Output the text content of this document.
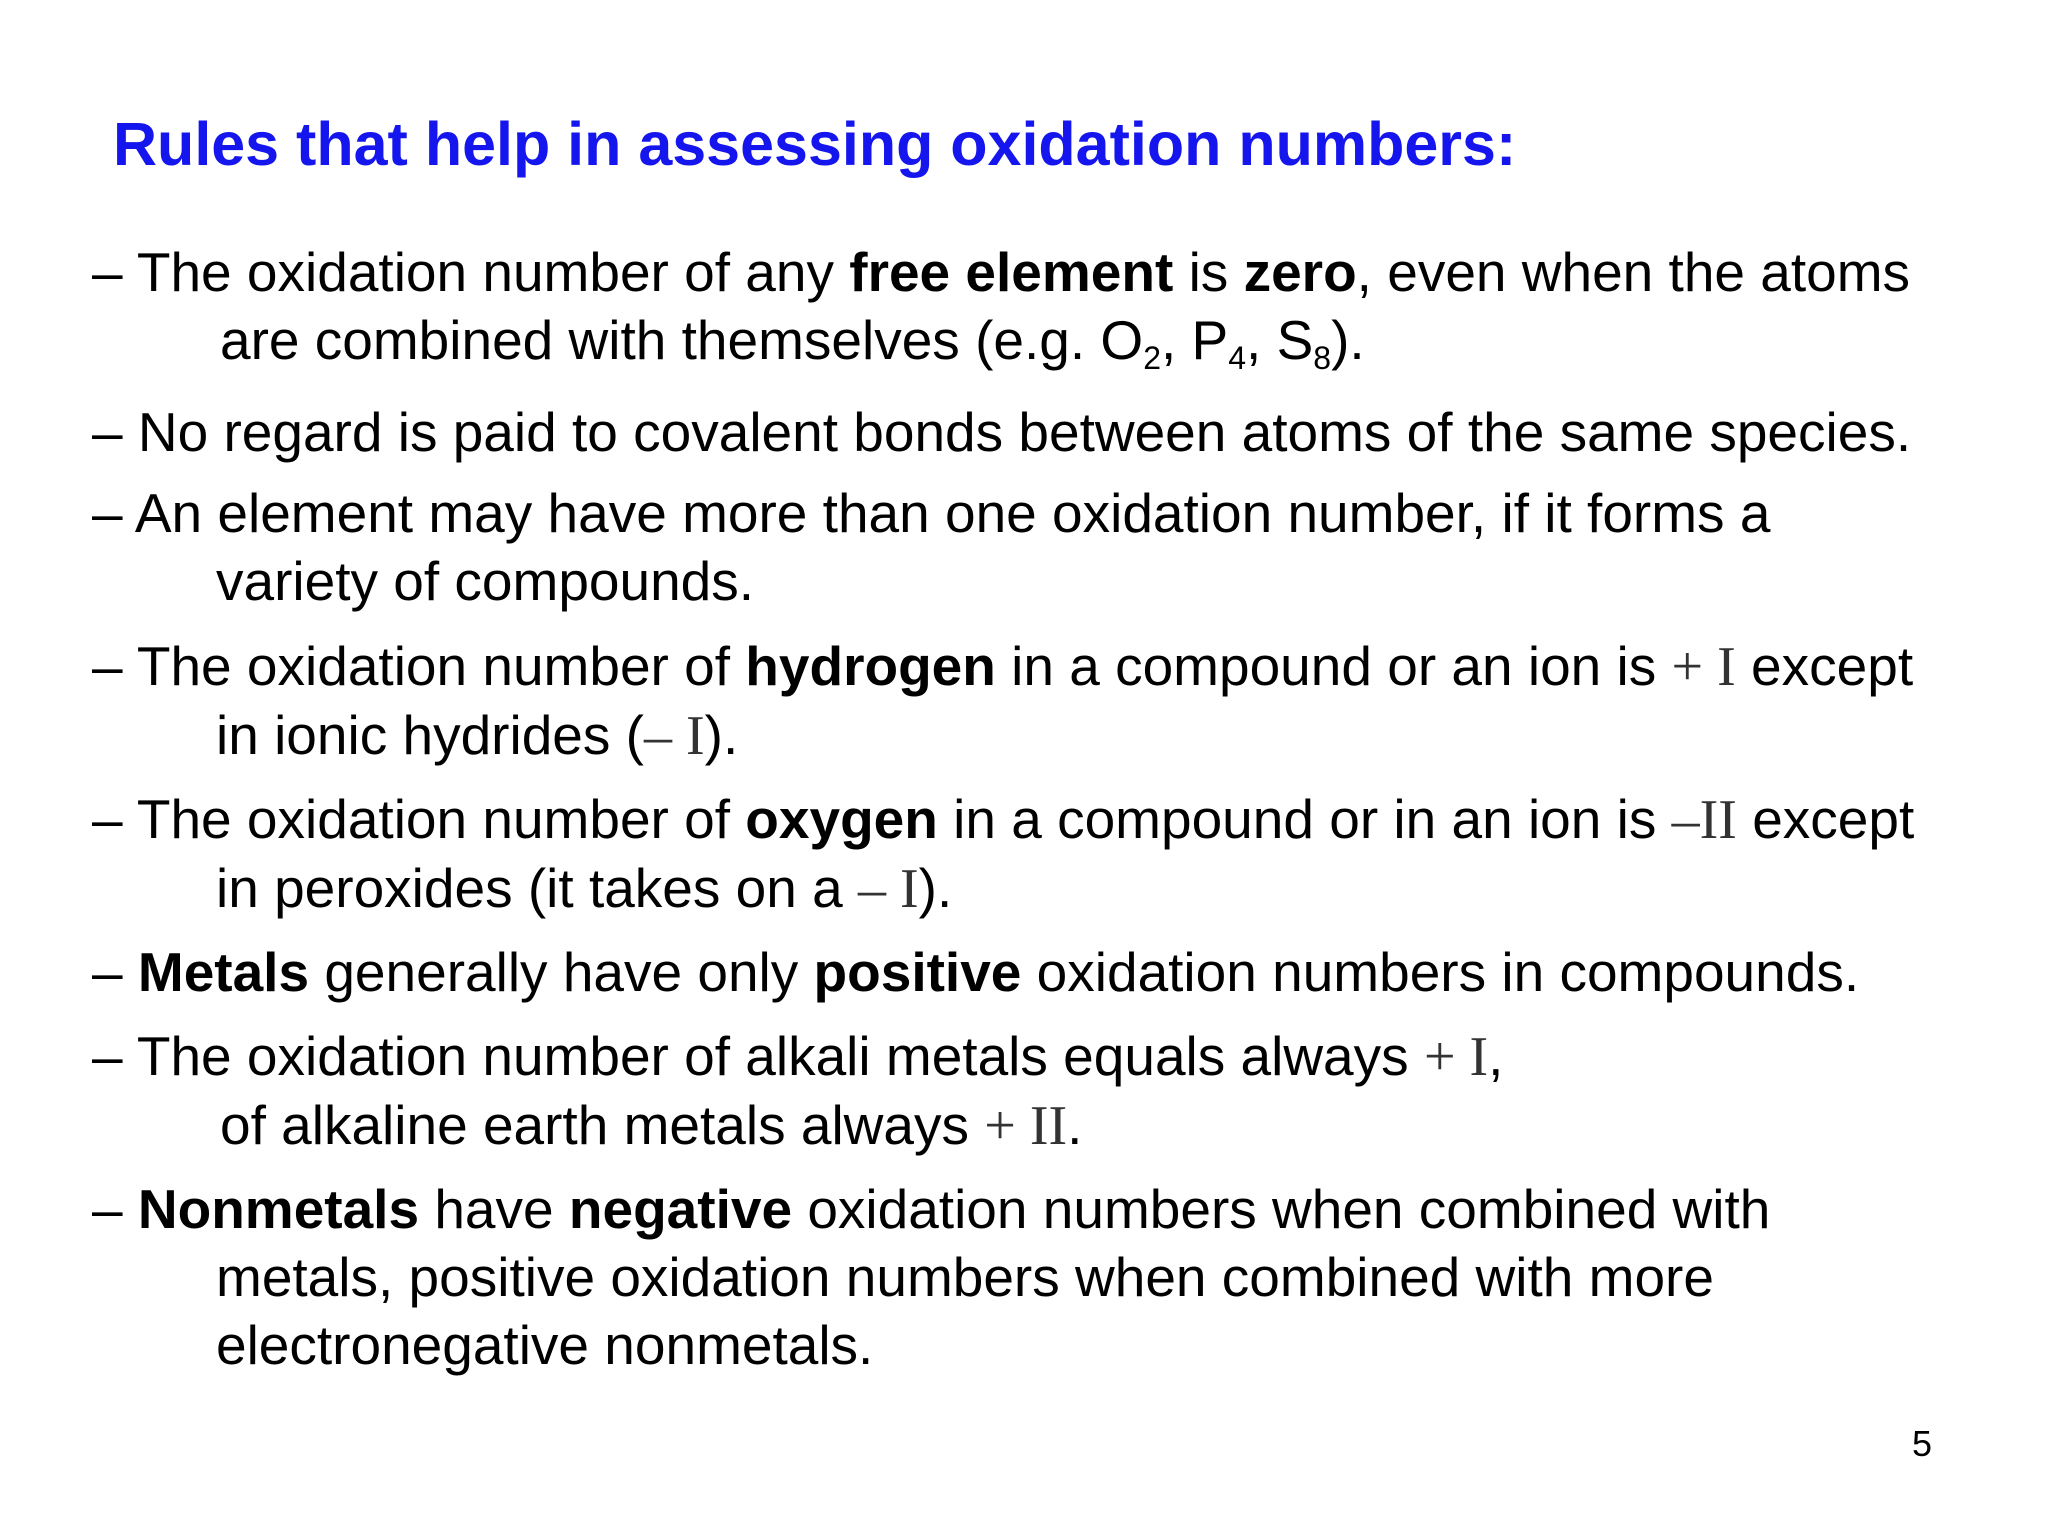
Rules that help in assessing oxidation numbers:

– The oxidation number of any free element is zero, even when the atoms
are combined with themselves (e.g. $O_2$, $P_4$, $S_8$).

– No regard is paid to covalent bonds between atoms of the same species.

– An element may have more than one oxidation number, if it forms a
variety of compounds.

– The oxidation number of hydrogen in a compound or an ion is + I except
in ionic hydrides (– I).

– The oxidation number of oxygen in a compound or in an ion is –II except
in peroxides (it takes on a – I).

– Metals generally have only positive oxidation numbers in compounds.

– The oxidation number of alkali metals equals always + I,
of alkaline earth metals always + II.

– Nonmetals have negative oxidation numbers when combined with
metals, positive oxidation numbers when combined with more
electronegative nonmetals.

5
